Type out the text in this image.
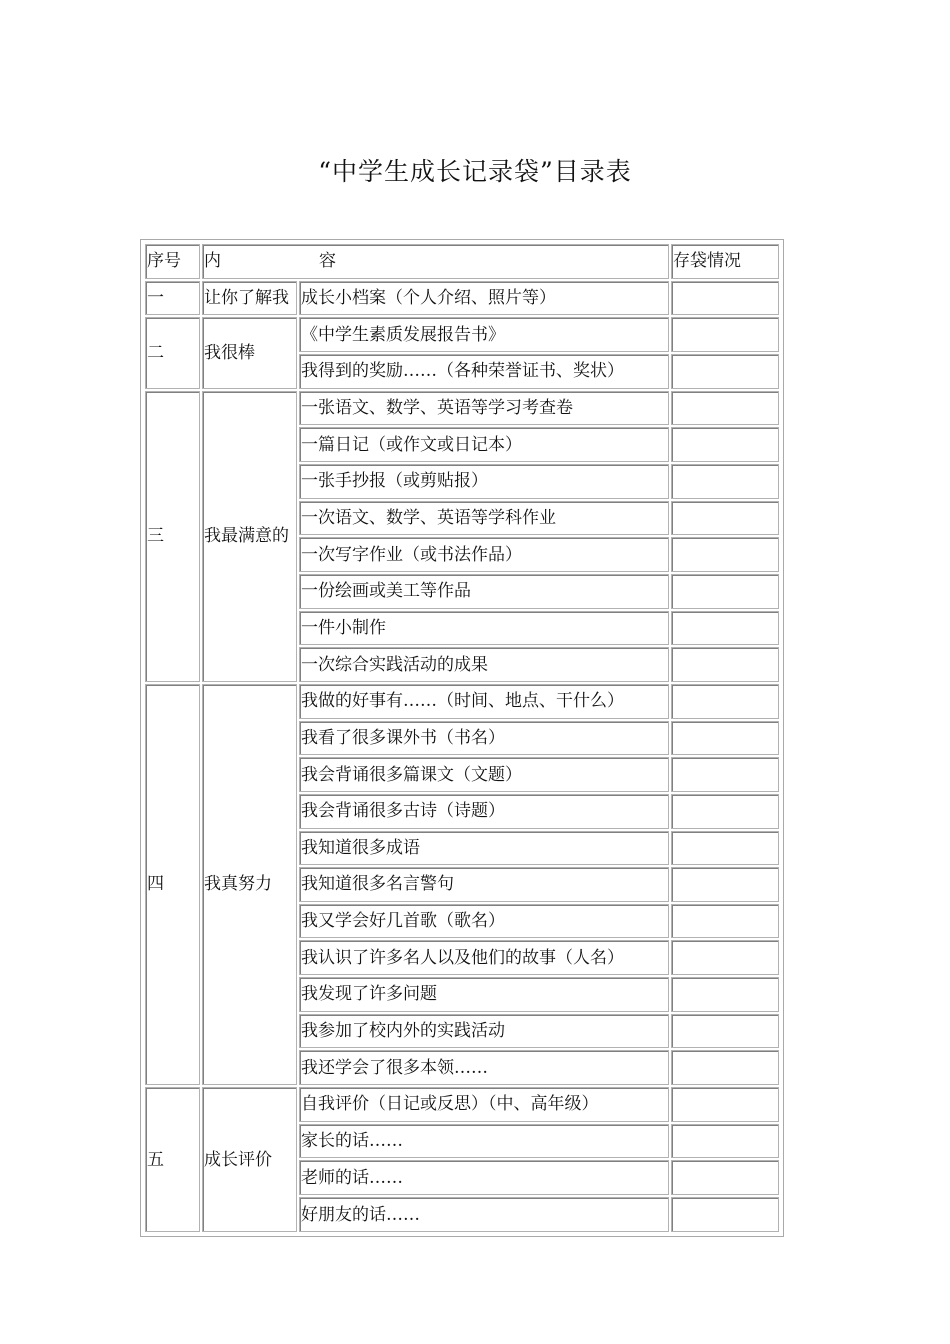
“中学生成长记录袋”目录表
序号	内 容		存袋情况
一	让你了解我	成长小档案（个人介绍、照片等）	
二	我很棒	《中学生素质发展报告书》	
		我得到的奖励……（各种荣誉证书、奖状）	
三	我最满意的	一张语文、数学、英语等学习考查卷	
		一篇日记（或作文或日记本）	
		一张手抄报（或剪贴报）	
		一次语文、数学、英语等学科作业	
		一次写字作业（或书法作品）	
		一份绘画或美工等作品	
		一件小制作	
		一次综合实践活动的成果	
四	我真努力	我做的好事有……（时间、地点、干什么）	
		我看了很多课外书（书名）	
		我会背诵很多篇课文（文题）	
		我会背诵很多古诗（诗题）	
		我知道很多成语	
		我知道很多名言警句	
		我又学会好几首歌（歌名）	
		我认识了许多名人以及他们的故事（人名）	
		我发现了许多问题	
		我参加了校内外的实践活动	
		我还学会了很多本领……	
五	成长评价	自我评价（日记或反思）（中、高年级）	
		家长的话……	
		老师的话……	
		好朋友的话……	
